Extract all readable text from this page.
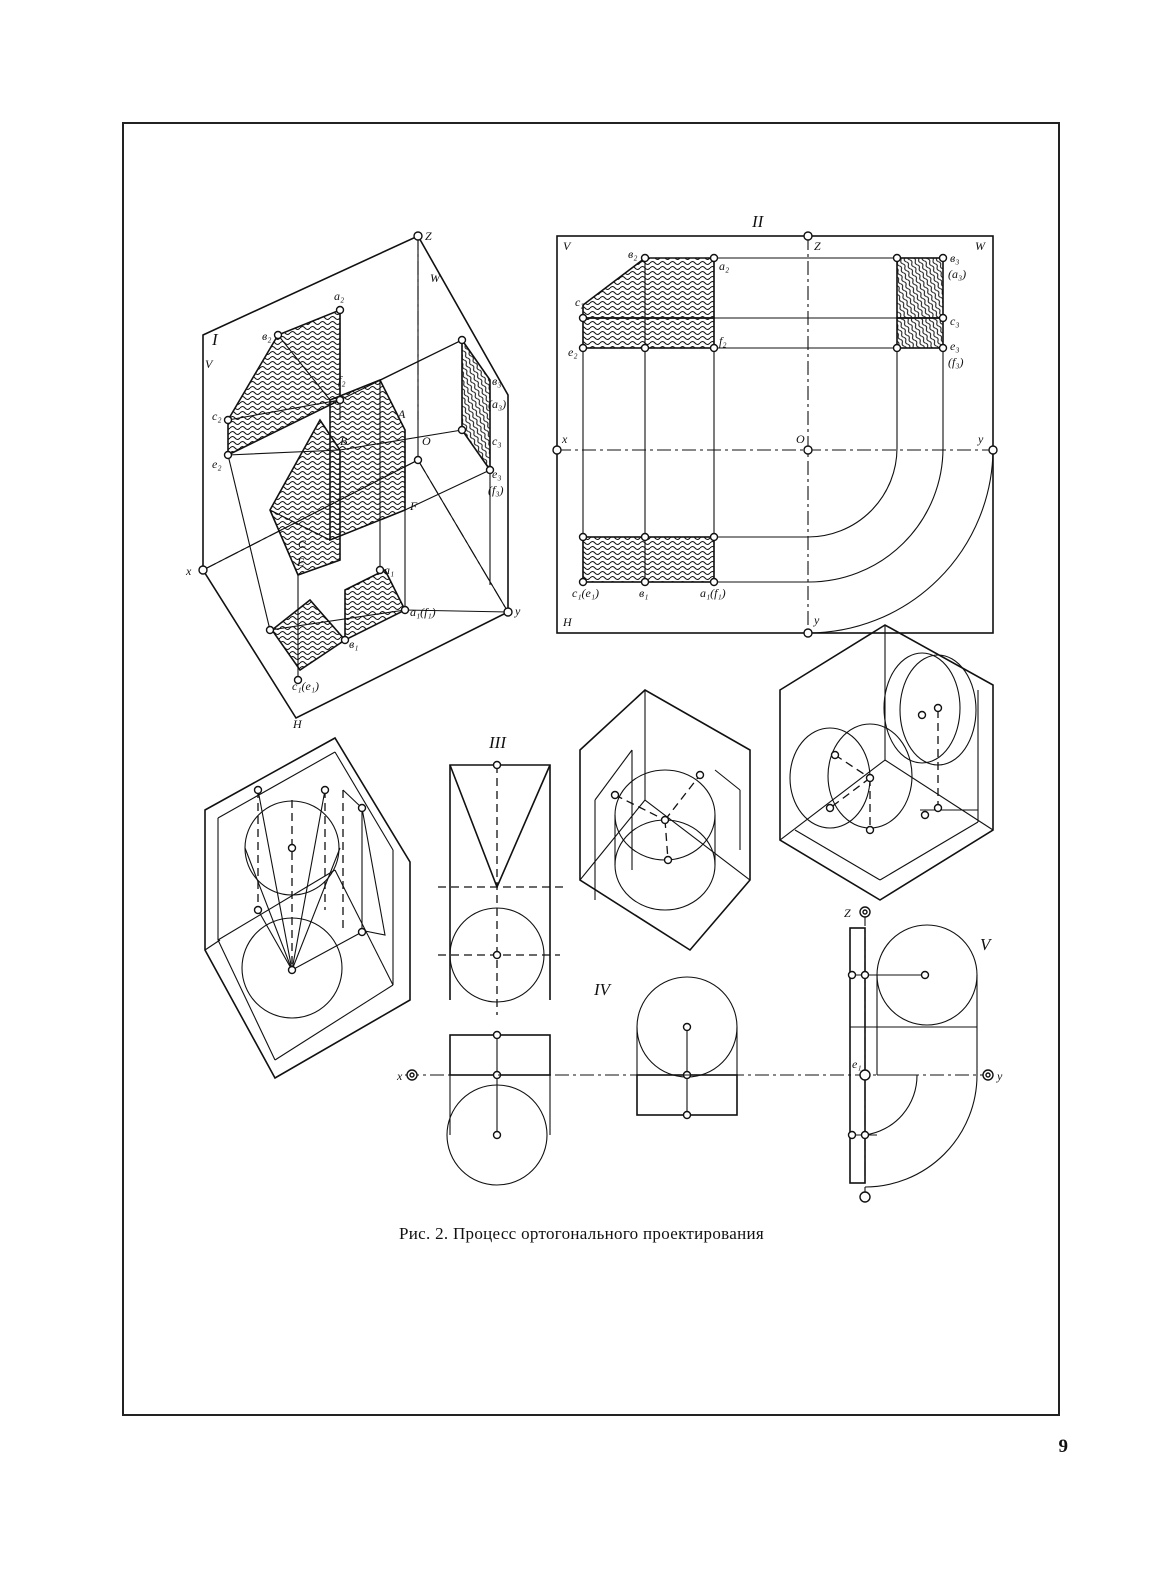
I
V
Z
W
O
x
y
H
a₂
в₂
c₂
e₂
f₂
A
B
C
E
F
в₃
(a₃)
c₃
e₃
(f₃)
a₁
a₁(f₁)
в₁
c₁(e₁)
II
V	Z	W
x	O	y
y
H
в₂
a₂
c₂
e₂
f₂
в₃
(a₃)
c₃
e₃
(f₃)
c₁(e₁)	в₁	a₁(f₁)
III
IV
V
x	y
Z
e₁
Рис. 2. Процесс ортогонального проектирования
9
